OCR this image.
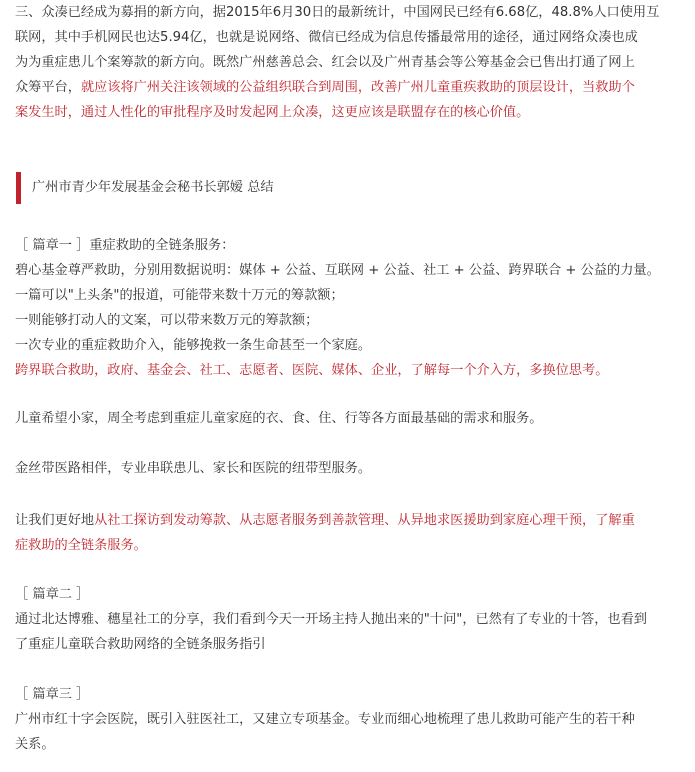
三、众凑已经成为募捐的新方向，据2015年6月30日的最新统计，中国网民已经有6.68亿，48.8%人口使用互
联网，其中手机网民也达5.94亿，也就是说网络、微信已经成为信息传播最常用的途径，通过网络众凑也成
为为重症患儿个案筹款的新方向。既然广州慈善总会、红会以及广州青基会等公筹基金会已售出打通了网上
众筹平台，就应该将广州关注该领域的公益组织联合到周围，改善广州儿童重疾救助的顶层设计，当救助个
案发生时，通过人性化的审批程序及时发起网上众凑，这更应该是联盟存在的核心价值。

广州市青少年发展基金会秘书长郭嫒 总结

［ 篇章一 ］重症救助的全链条服务：
碧心基金尊严救助，分别用数据说明：媒体 + 公益、互联网 + 公益、社工 + 公益、跨界联合 + 公益的力量。
一篇可以"上头条"的报道，可能带来数十万元的筹款额；
一则能够打动人的文案，可以带来数万元的筹款额；
一次专业的重症救助介入，能够挽救一条生命甚至一个家庭。
跨界联合救助，政府、基金会、社工、志愿者、医院、媒体、企业，了解每一个介入方，多换位思考。

儿童希望小家，周全考虑到重症儿童家庭的衣、食、住、行等各方面最基础的需求和服务。

金丝带医路相伴，专业串联患儿、家长和医院的纽带型服务。

让我们更好地从社工探访到发动筹款、从志愿者服务到善款管理、从异地求医援助到家庭心理干预，了解重
症救助的全链条服务。

［ 篇章二 ］
通过北达博雅、穗星社工的分享，我们看到今天一开场主持人抛出来的"十问"，已然有了专业的十答，也看到
了重症儿童联合救助网络的全链条服务指引

［ 篇章三 ］
广州市红十字会医院，既引入驻医社工，又建立专项基金。专业而细心地梳理了患儿救助可能产生的若干种
关系。
